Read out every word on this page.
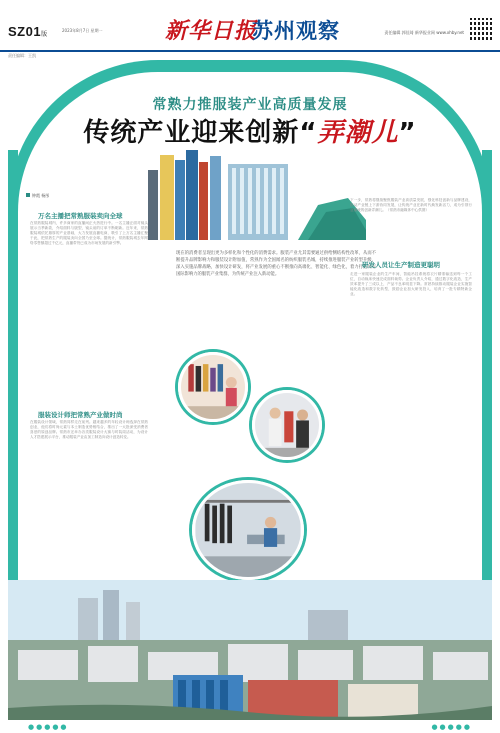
SZ01版
2023年8月7日 星期一	新华日报
苏州观察	责任编辑 郭佳琦 新华报业网 www.xhby.net
责任编辑：王凯
常熟力推服装产业高质量发展
传统产业迎来创新“弄潮儿”
钟霞 杨彤
万名主播把常熟服装卖向全球
在常熟服装城内，许多商家的直播间正火热进行中。一名主播正面对镜头展示当季新款，介绍面料与版型，镜头前的订单不断刷新。近年来，常熟服装城依托雄厚的产业基础，大力发展直播电商，吸引了上万名主播汇聚于此，把常熟生产的服装卖向全国乃至全球。据统计，常熟服装城去年网络零售额超过千亿元，直播带货已成为市场发展的新引擎。
服装设计师把常熟产业做时尚
在服装设计领域，常熟同样走在前列。越来越多的年轻设计师选择在常熟创业，他们将时尚元素与本土制造优势相结合，推出了一大批深受消费者喜爱的原创品牌。常熟市还举办各类服装设计大赛与时装周活动，为设计人才搭建展示平台，推动服装产业由加工制造向设计创造转变。
现在的消费者呈现出更为多样化和个性化的消费需求。服装产业尤其需要通过供给侧结构性改革，从而不断提升品牌影响力和服装设计附加值，常熟作为全国闻名的纺织服装名城，持续推进服装产业转型升级，深入实施品牌战略，加快设计研发，将产业发展的重心不断推向高端化、智能化、绿色化，着力打造具有国际影响力的服装产业集群，为传统产业注入新动能。
研发人员让生产制造更聪明
下一步，常熟将继续聚焦服装产业高质量发展，强化科技创新与品牌建设，推动产业链上下游协同发展，让传统产业在新时代焕发新活力，成为引领行业潮流的创新弄潮儿。（常熟市融媒体中心供图）
走进一家服装企业的生产车间，智能吊挂系统将衣片精准输送到每一个工位，自动裁床快速完成面料裁剪。企业负责人介绍，通过数字化改造，生产效率提升了三成以上，产品不良率明显下降。常熟持续推动服装企业实施智能化改造和数字化转型，鼓励企业加大研发投入，培育了一批专精特新企业。
●●●●●	●●●●●
